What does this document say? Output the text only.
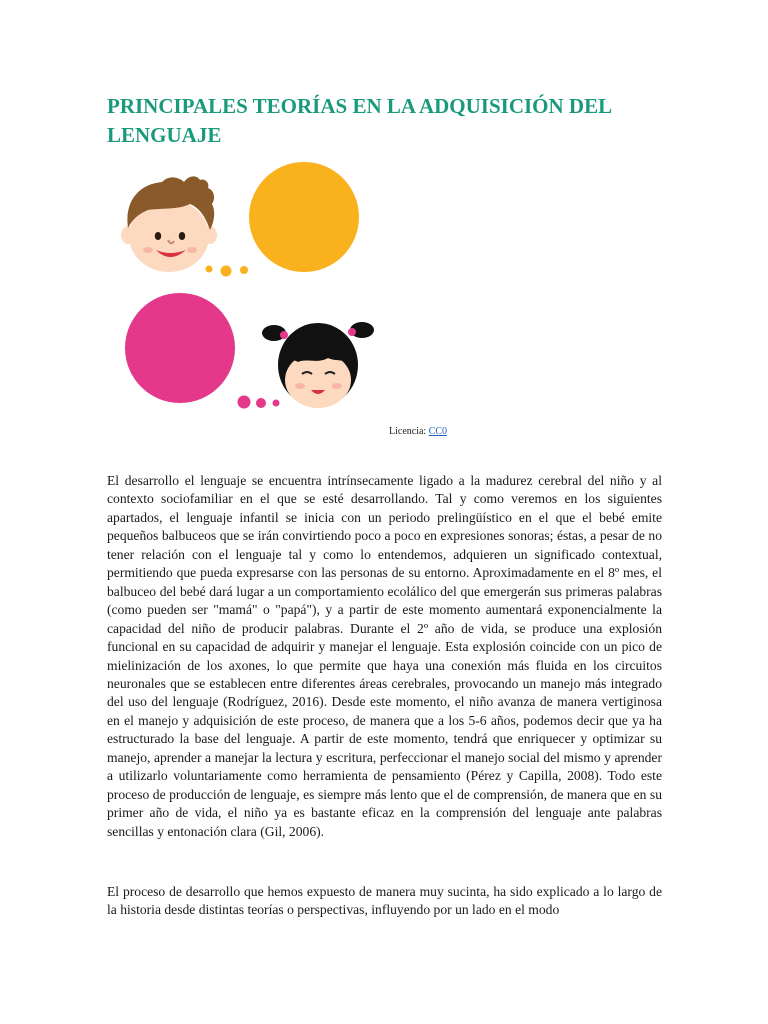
PRINCIPALES TEORÍAS EN LA ADQUISICIÓN DEL LENGUAJE
Licencia: CC0

El desarrollo el lenguaje se encuentra intrínsecamente ligado a la madurez cerebral del niño y al contexto sociofamiliar en el que se esté desarrollando. Tal y como veremos en los siguientes apartados, el lenguaje infantil se inicia con un periodo prelingüístico en el que el bebé emite pequeños balbuceos que se irán convirtiendo poco a poco en expresiones sonoras; éstas, a pesar de no tener relación con el lenguaje tal y como lo entendemos, adquieren un significado contextual, permitiendo que pueda expresarse con las personas de su entorno. Aproximadamente en el 8º mes, el balbuceo del bebé dará lugar a un comportamiento ecolálico del que emergerán sus primeras palabras (como pueden ser "mamá" o "papá"), y a partir de este momento aumentará exponencialmente la capacidad del niño de producir palabras. Durante el 2º año de vida, se produce una explosión funcional en su capacidad de adquirir y manejar el lenguaje. Esta explosión coincide con un pico de mielinización de los axones, lo que permite que haya una conexión más fluida en los circuitos neuronales que se establecen entre diferentes áreas cerebrales, provocando un manejo más integrado del uso del lenguaje (Rodríguez, 2016). Desde este momento, el niño avanza de manera vertiginosa en el manejo y adquisición de este proceso, de manera que a los 5-6 años, podemos decir que ya ha estructurado la base del lenguaje. A partir de este momento, tendrá que enriquecer y optimizar su manejo, aprender a manejar la lectura y escritura, perfeccionar el manejo social del mismo y aprender a utilizarlo voluntariamente como herramienta de pensamiento (Pérez y Capilla, 2008). Todo este proceso de producción de lenguaje, es siempre más lento que el de comprensión, de manera que en su primer año de vida, el niño ya es bastante eficaz en la comprensión del lenguaje ante palabras sencillas y entonación clara (Gil, 2006).

El proceso de desarrollo que hemos expuesto de manera muy sucinta, ha sido explicado a lo largo de la historia desde distintas teorías o perspectivas, influyendo por un lado en el modo
